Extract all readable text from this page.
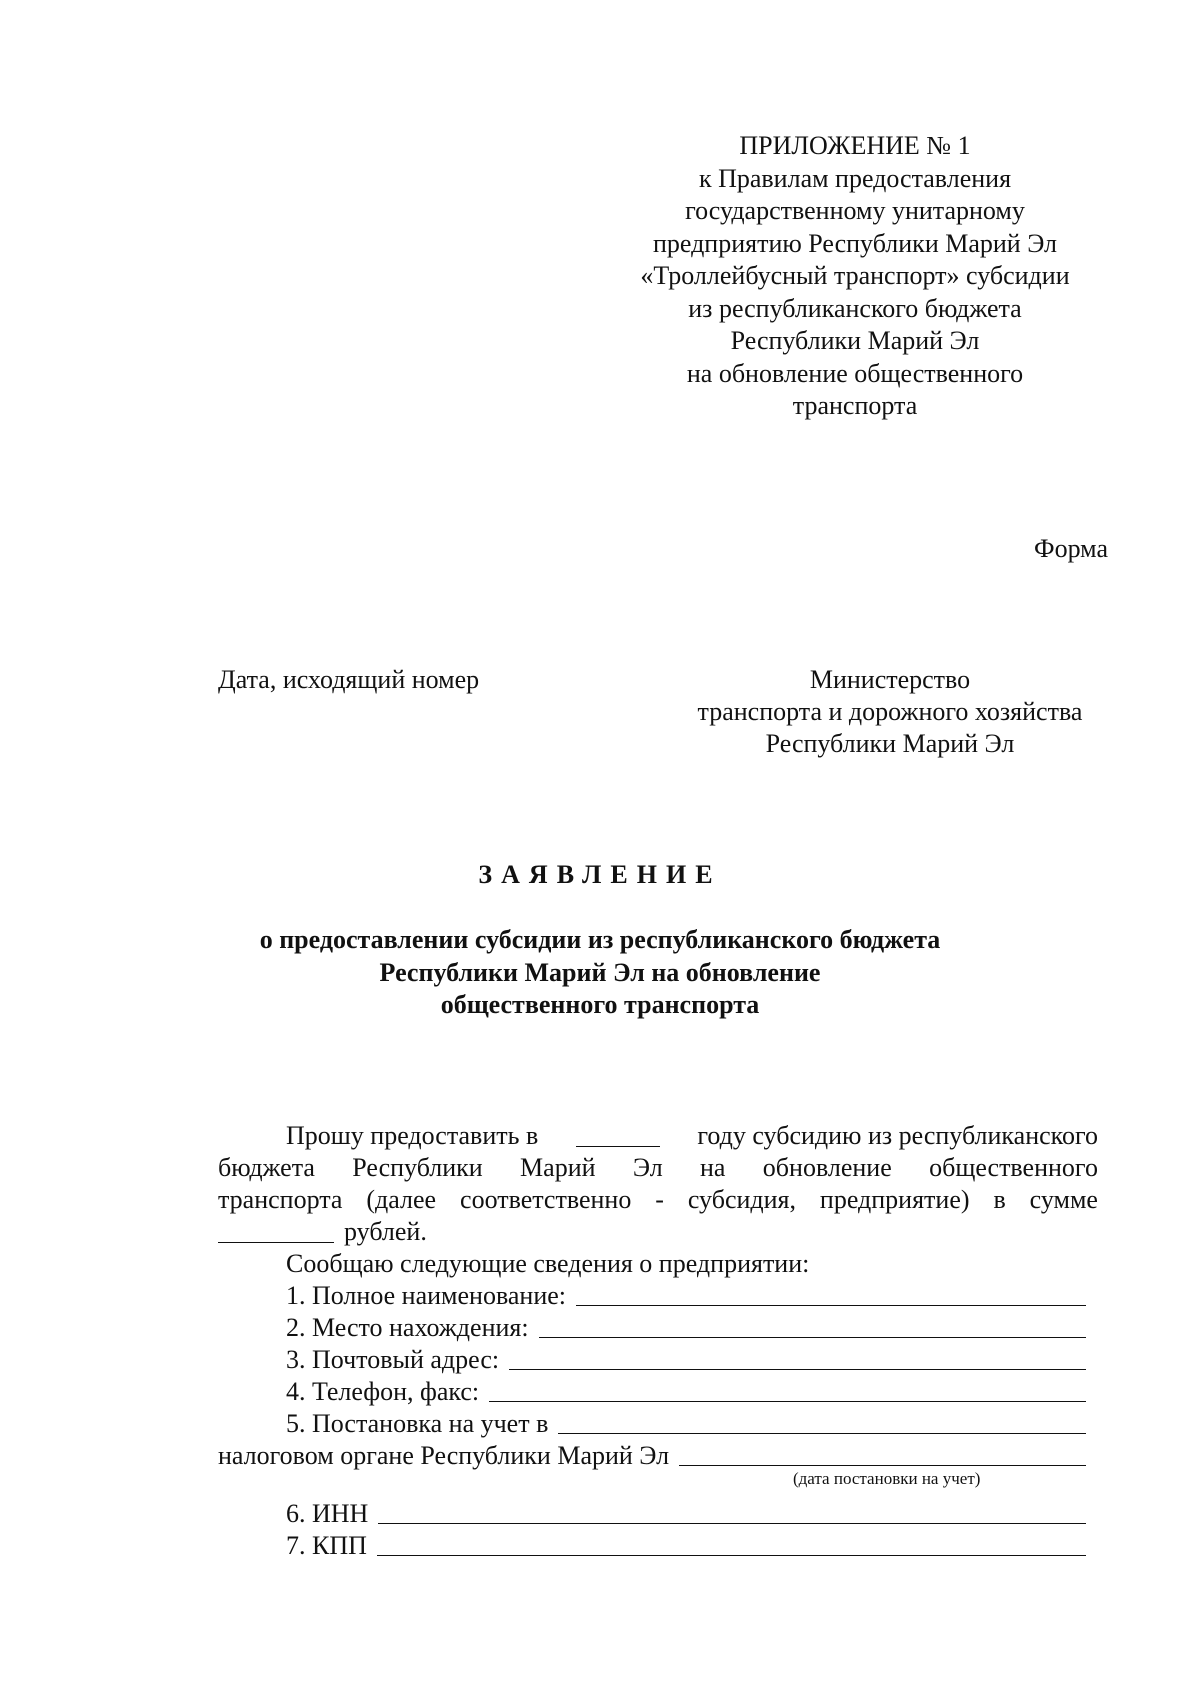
ПРИЛОЖЕНИЕ № 1
к Правилам предоставления
государственному унитарному
предприятию Республики Марий Эл
«Троллейбусный транспорт» субсидии
из республиканского бюджета
Республики Марий Эл
на обновление общественного
транспорта
Форма
Дата, исходящий номер	Министерство
транспорта и дорожного хозяйства
Республики Марий Эл
ЗАЯВЛЕНИЕ
о предоставлении субсидии из республиканского бюджета
Республики Марий Эл на обновление
общественного транспорта
Прошу предоставить в	году субсидию из республиканского
бюджета Республики Марий Эл на обновление общественного
транспорта (далее соответственно - субсидия, предприятие) в сумме
рублей.
Сообщаю следующие сведения о предприятии:
1. Полное наименование:
2. Место нахождения:
3. Почтовый адрес:
4. Телефон, факс:
5. Постановка на учет в
налоговом органе Республики Марий Эл
(дата постановки на учет)
6. ИНН
7. КПП
